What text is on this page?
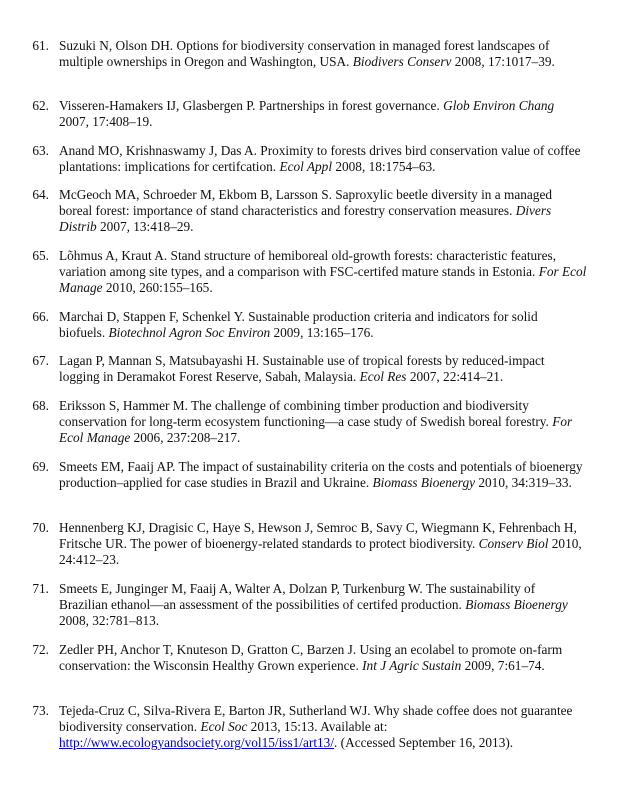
61. Suzuki N, Olson DH. Options for biodiversity conservation in managed forest landscapes of multiple ownerships in Oregon and Washington, USA. Biodivers Conserv 2008, 17:1017–39.
62. Visseren-Hamakers IJ, Glasbergen P. Partnerships in forest governance. Glob Environ Chang 2007, 17:408–19.
63. Anand MO, Krishnaswamy J, Das A. Proximity to forests drives bird conservation value of coffee plantations: implications for certifcation. Ecol Appl 2008, 18:1754–63.
64. McGeoch MA, Schroeder M, Ekbom B, Larsson S. Saproxylic beetle diversity in a managed boreal forest: importance of stand characteristics and forestry conservation measures. Divers Distrib 2007, 13:418–29.
65. Lõhmus A, Kraut A. Stand structure of hemiboreal old-growth forests: characteristic features, variation among site types, and a comparison with FSC-certifed mature stands in Estonia. For Ecol Manage 2010, 260:155–165.
66. Marchai D, Stappen F, Schenkel Y. Sustainable production criteria and indicators for solid biofuels. Biotechnol Agron Soc Environ 2009, 13:165–176.
67. Lagan P, Mannan S, Matsubayashi H. Sustainable use of tropical forests by reduced-impact logging in Deramakot Forest Reserve, Sabah, Malaysia. Ecol Res 2007, 22:414–21.
68. Eriksson S, Hammer M. The challenge of combining timber production and biodiversity conservation for long-term ecosystem functioning—a case study of Swedish boreal forestry. For Ecol Manage 2006, 237:208–217.
69. Smeets EM, Faaij AP. The impact of sustainability criteria on the costs and potentials of bioenergy production–applied for case studies in Brazil and Ukraine. Biomass Bioenergy 2010, 34:319–33.
70. Hennenberg KJ, Dragisic C, Haye S, Hewson J, Semroc B, Savy C, Wiegmann K, Fehrenbach H, Fritsche UR. The power of bioenergy-related standards to protect biodiversity. Conserv Biol 2010, 24:412–23.
71. Smeets E, Junginger M, Faaij A, Walter A, Dolzan P, Turkenburg W. The sustainability of Brazilian ethanol—an assessment of the possibilities of certifed production. Biomass Bioenergy 2008, 32:781–813.
72. Zedler PH, Anchor T, Knuteson D, Gratton C, Barzen J. Using an ecolabel to promote on-farm conservation: the Wisconsin Healthy Grown experience. Int J Agric Sustain 2009, 7:61–74.
73. Tejeda-Cruz C, Silva-Rivera E, Barton JR, Sutherland WJ. Why shade coffee does not guarantee biodiversity conservation. Ecol Soc 2013, 15:13. Available at: http://www.ecologyandsociety.org/vol15/iss1/art13/. (Accessed September 16, 2013).
